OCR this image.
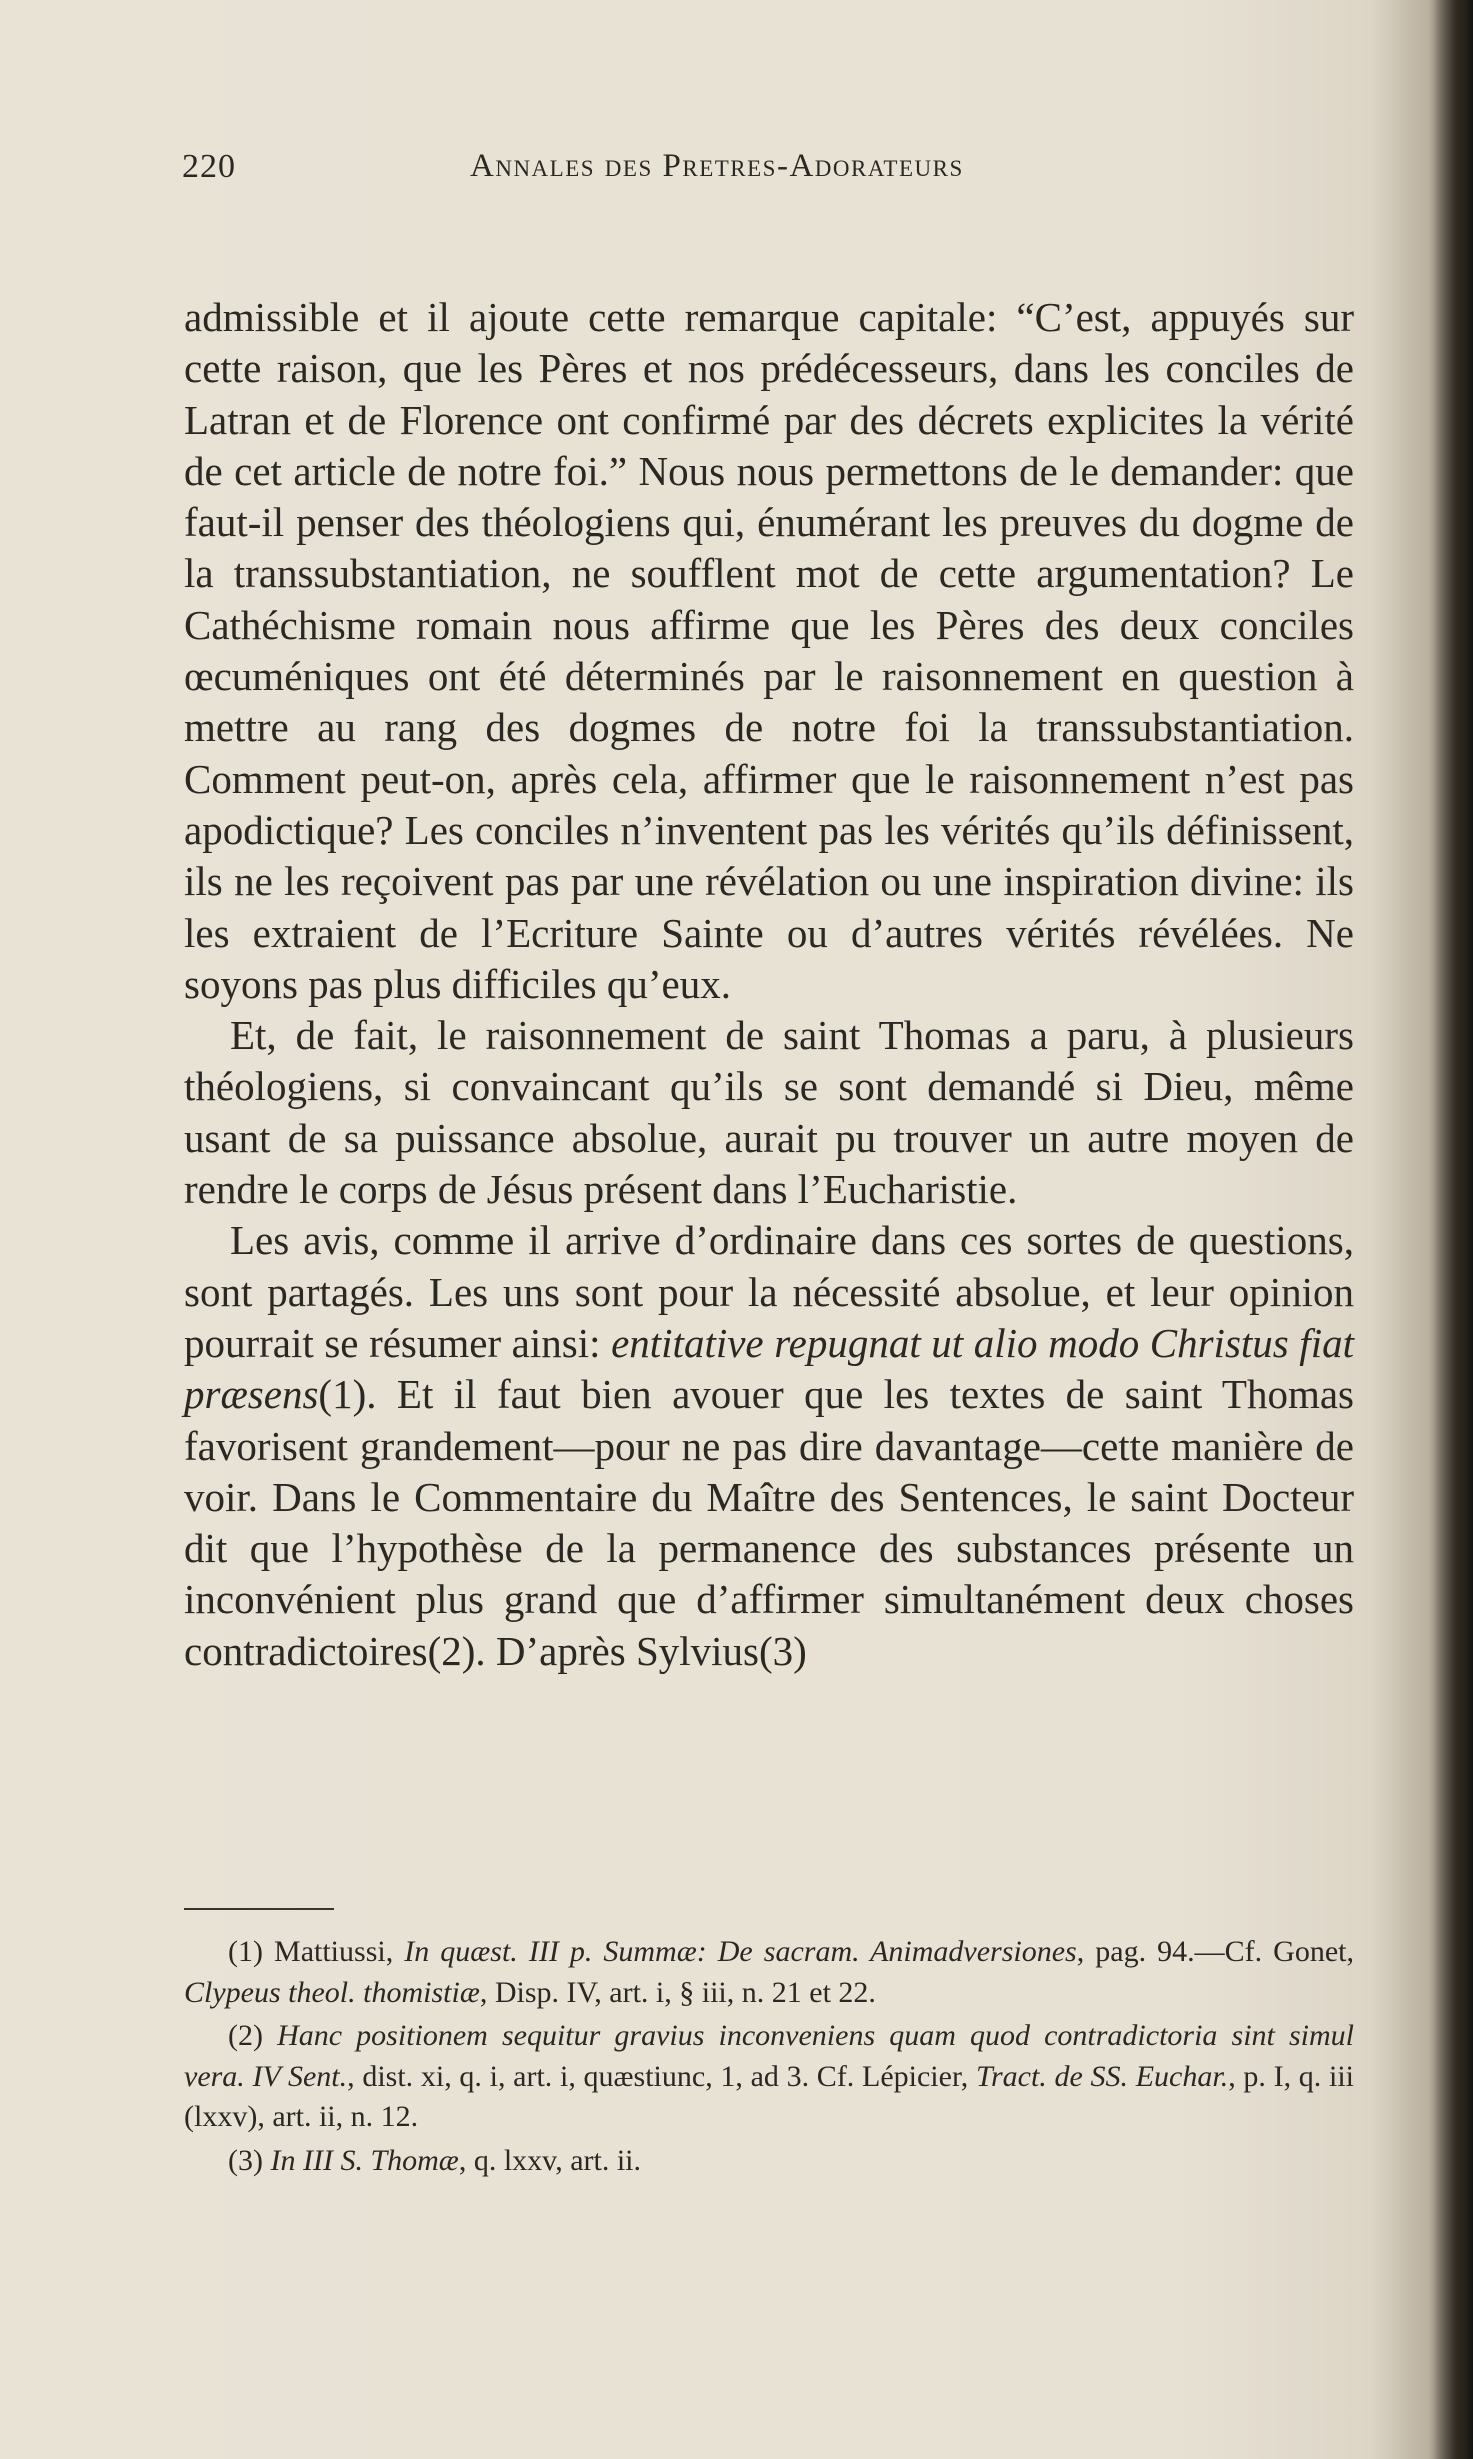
220	Annales des Pretres-Adorateurs

admissible et il ajoute cette remarque capitale: “C’est, appuyés sur cette raison, que les Pères et nos prédécesseurs, dans les conciles de Latran et de Florence ont confirmé par des décrets explicites la vérité de cet article de notre foi.” Nous nous permettons de le demander: que faut-il penser des théologiens qui, énumérant les preuves du dogme de la transsubstantiation, ne soufflent mot de cette argumentation? Le Cathéchisme romain nous affirme que les Pères des deux conciles œcuméniques ont été déterminés par le raisonnement en question à mettre au rang des dogmes de notre foi la transsubstantiation. Comment peut-on, après cela, affirmer que le raisonnement n’est pas apodictique? Les conciles n’inventent pas les vérités qu’ils définissent, ils ne les reçoivent pas par une révélation ou une inspiration divine: ils les extraient de l’Ecriture Sainte ou d’autres vérités révélées. Ne soyons pas plus difficiles qu’eux.

Et, de fait, le raisonnement de saint Thomas a paru, à plusieurs théologiens, si convaincant qu’ils se sont demandé si Dieu, même usant de sa puissance absolue, aurait pu trouver un autre moyen de rendre le corps de Jésus présent dans l’Eucharistie.

Les avis, comme il arrive d’ordinaire dans ces sortes de questions, sont partagés. Les uns sont pour la nécessité absolue, et leur opinion pourrait se résumer ainsi: entitative repugnat ut alio modo Christus fiat præsens(1). Et il faut bien avouer que les textes de saint Thomas favorisent grandement—pour ne pas dire davantage—cette manière de voir. Dans le Commentaire du Maître des Sentences, le saint Docteur dit que l’hypothèse de la permanence des substances présente un inconvénient plus grand que d’affirmer simultanément deux choses contradictoires(2). D’après Sylvius(3)

(1) Mattiussi, In quæst. III p. Summæ: De sacram. Animadversiones, pag. 94.—Cf. Gonet, Clypeus theol. thomistiæ, Disp. IV, art. i, § iii, n. 21 et 22.

(2) Hanc positionem sequitur gravius inconveniens quam quod contradictoria sint simul vera. IV Sent., dist. xi, q. i, art. i, quæstiunc, 1, ad 3. Cf. Lépicier, Tract. de SS. Euchar., p. I, q. iii (lxxv), art. ii, n. 12.

(3) In III S. Thomæ, q. lxxv, art. ii.
